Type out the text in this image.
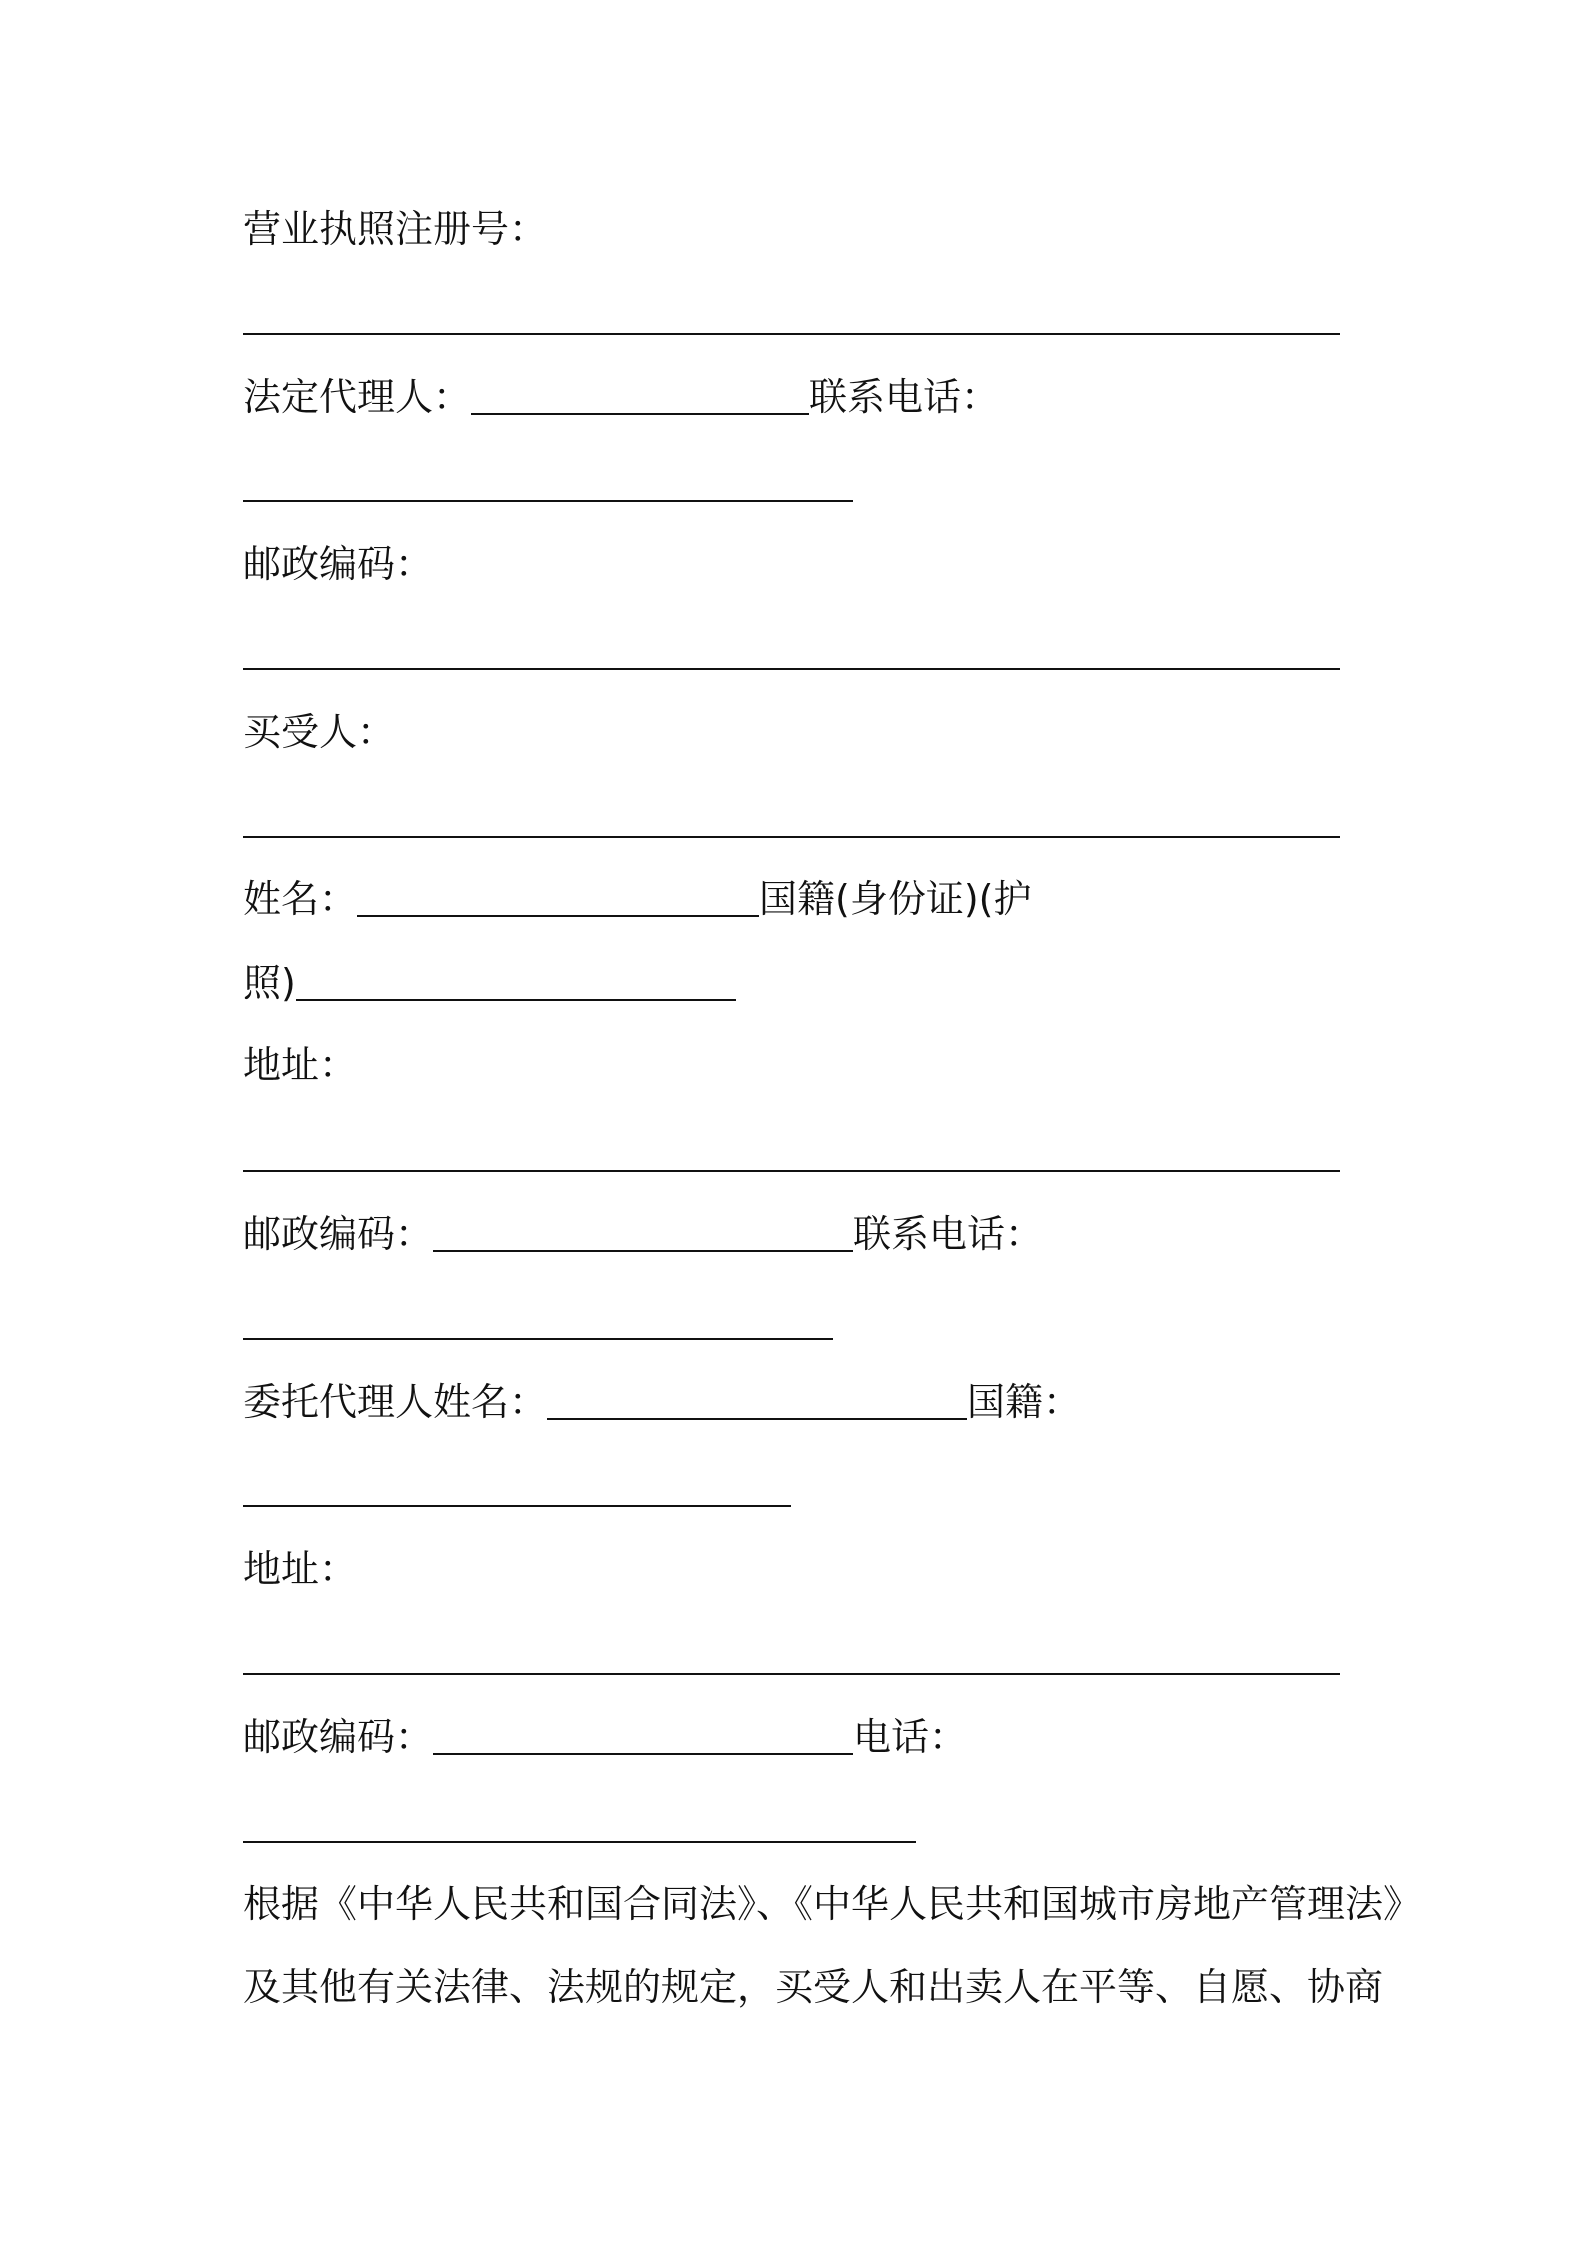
营业执照注册号：
法定代理人：	联系电话：
邮政编码：
买受人：
姓名：	国籍(身份证)(护
照)
地址：
邮政编码：	联系电话：
委托代理人姓名：	国籍：
地址：
邮政编码：	电话：
根据《中华人民共和国合同法》、《中华人民共和国城市房地产管理法》
及其他有关法律、法规的规定，买受人和出卖人在平等、自愿、协商
